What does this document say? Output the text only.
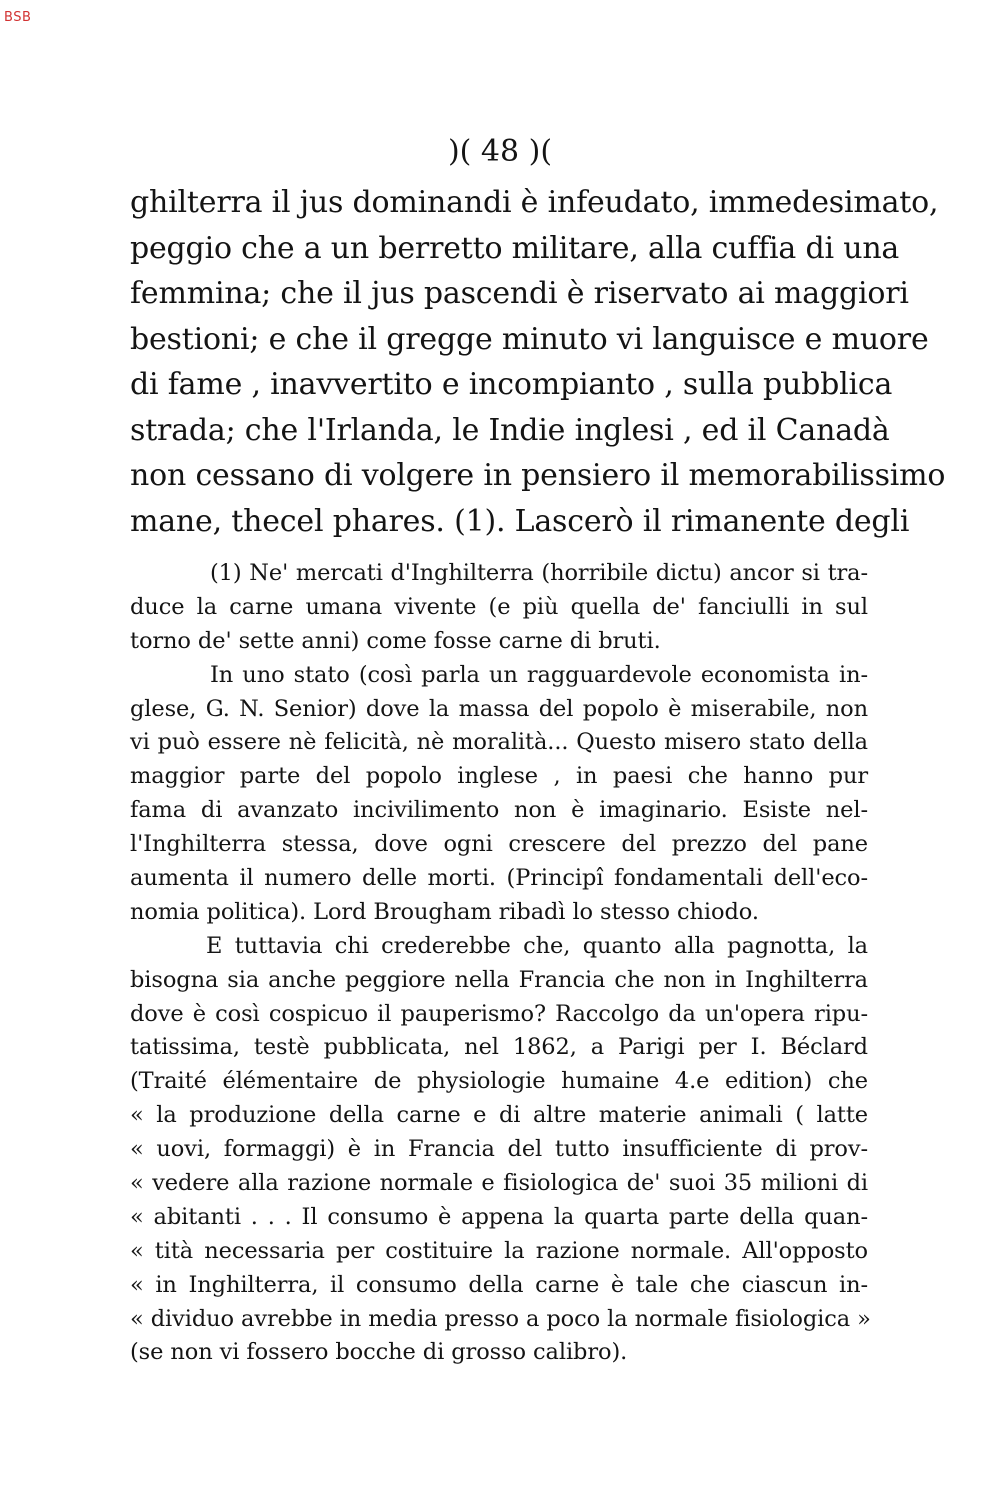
BSB
)( 48 )(
ghilterra il jus dominandi è infeudato, immedesimato,
peggio che a un berretto militare, alla cuffia di una
femmina; che il jus pascendi è riservato ai maggiori
bestioni; e che il gregge minuto vi languisce e muore
di fame , inavvertito e incompianto , sulla pubblica
strada; che l'Irlanda, le Indie inglesi , ed il Canadà
non cessano di volgere in pensiero il memorabilissimo
mane, thecel phares. (1). Lascerò il rimanente degli
(1) Ne' mercati d'Inghilterra (horribile dictu) ancor si tra-
duce la carne umana vivente (e più quella de' fanciulli in sul
torno de' sette anni) come fosse carne di bruti.
In uno stato (così parla un ragguardevole economista in-
glese, G. N. Senior) dove la massa del popolo è miserabile, non
vi può essere nè felicità, nè moralità... Questo misero stato della
maggior parte del popolo inglese , in paesi che hanno pur
fama di avanzato incivilimento non è imaginario. Esiste nel-
l'Inghilterra stessa, dove ogni crescere del prezzo del pane
aumenta il numero delle morti. (Principî fondamentali dell'eco-
nomia politica). Lord Brougham ribadì lo stesso chiodo.
E tuttavia chi crederebbe che, quanto alla pagnotta, la
bisogna sia anche peggiore nella Francia che non in Inghilterra
dove è così cospicuo il pauperismo? Raccolgo da un'opera ripu-
tatissima, testè pubblicata, nel 1862, a Parigi per I. Béclard
(Traité élémentaire de physiologie humaine 4.e edition) che
« la produzione della carne e di altre materie animali ( latte
« uovi, formaggi) è in Francia del tutto insufficiente di prov-
« vedere alla razione normale e fisiologica de' suoi 35 milioni di
« abitanti . . . Il consumo è appena la quarta parte della quan-
« tità necessaria per costituire la razione normale. All'opposto
« in Inghilterra, il consumo della carne è tale che ciascun in-
« dividuo avrebbe in media presso a poco la normale fisiologica »
(se non vi fossero bocche di grosso calibro).
